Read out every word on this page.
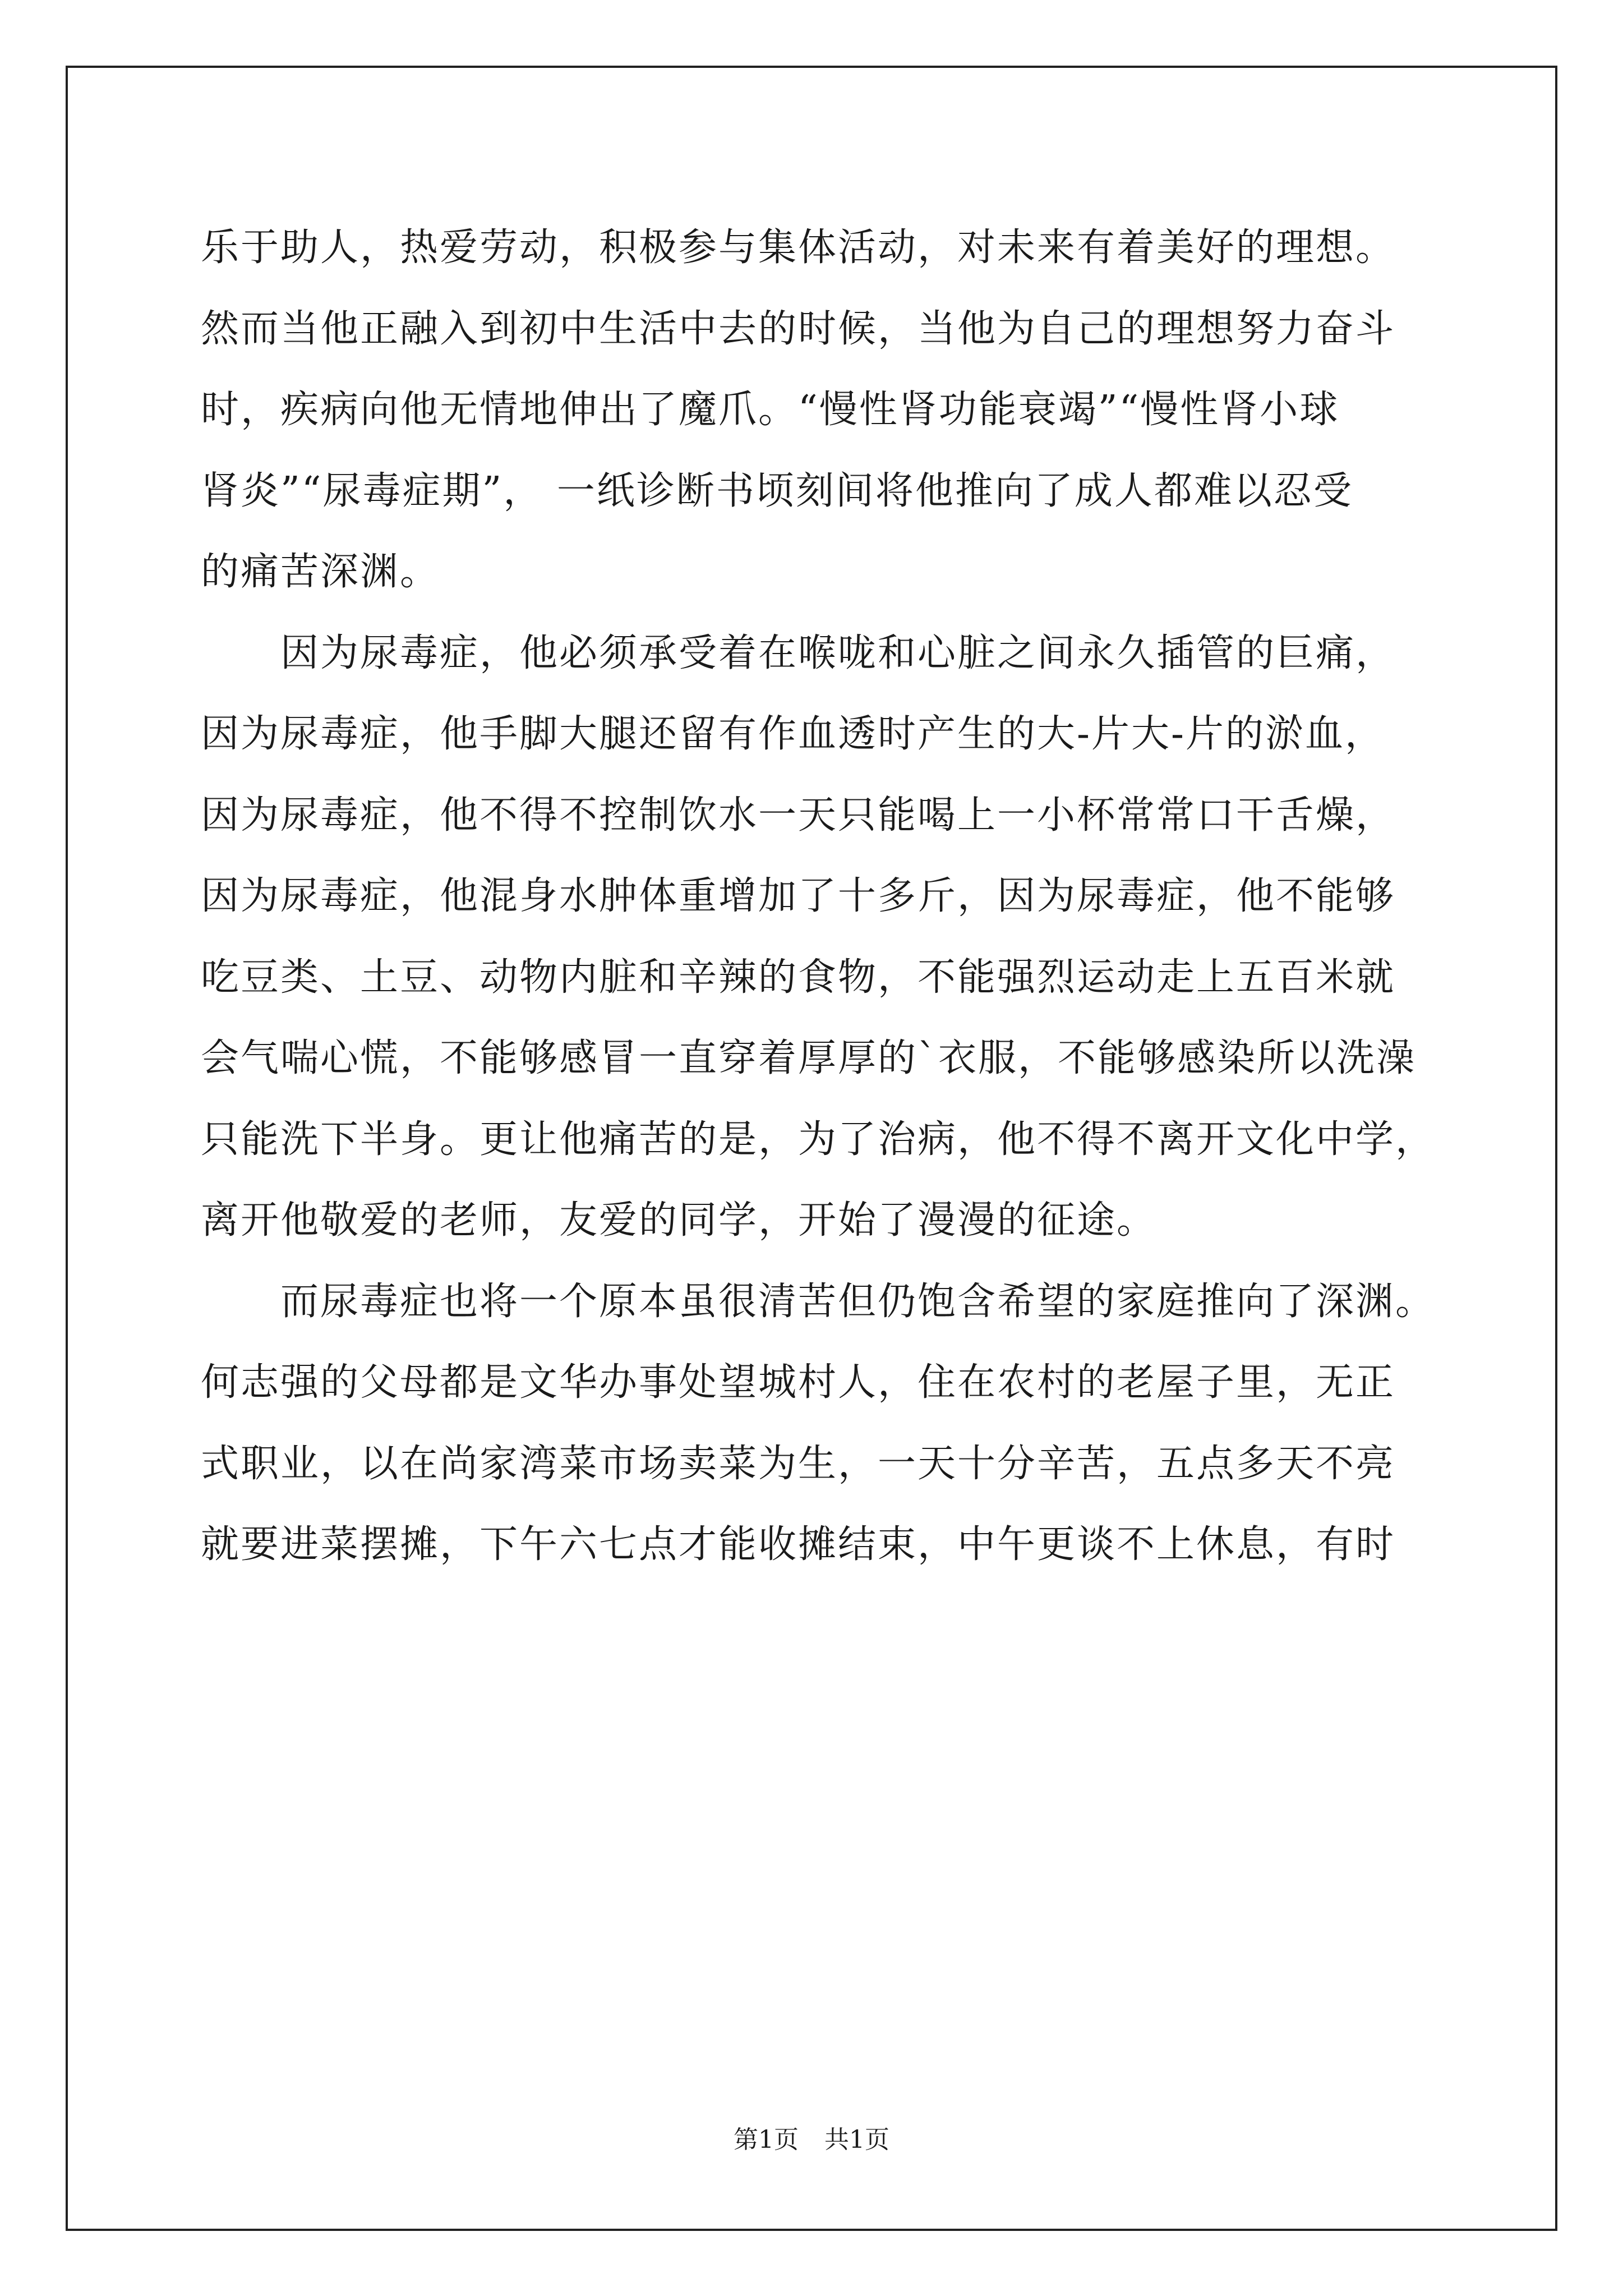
乐于助人，热爱劳动，积极参与集体活动，对未来有着美好的理想。
然而当他正融入到初中生活中去的时候，当他为自己的理想努力奋斗
时，疾病向他无情地伸出了魔爪。“慢性肾功能衰竭”“慢性肾小球
肾炎”“尿毒症期”， 一纸诊断书顷刻间将他推向了成人都难以忍受
的痛苦深渊。
因为尿毒症，他必须承受着在喉咙和心脏之间永久插管的巨痛，
因为尿毒症，他手脚大腿还留有作血透时产生的大-片大-片的淤血，
因为尿毒症，他不得不控制饮水一天只能喝上一小杯常常口干舌燥，
因为尿毒症，他混身水肿体重增加了十多斤，因为尿毒症，他不能够
吃豆类、土豆、动物内脏和辛辣的食物，不能强烈运动走上五百米就
会气喘心慌，不能够感冒一直穿着厚厚的`衣服，不能够感染所以洗澡
只能洗下半身。更让他痛苦的是，为了治病，他不得不离开文化中学，
离开他敬爱的老师，友爱的同学，开始了漫漫的征途。
而尿毒症也将一个原本虽很清苦但仍饱含希望的家庭推向了深渊。
何志强的父母都是文华办事处望城村人，住在农村的老屋子里，无正
式职业，以在尚家湾菜市场卖菜为生，一天十分辛苦，五点多天不亮
就要进菜摆摊，下午六七点才能收摊结束，中午更谈不上休息，有时
第1页 共1页
